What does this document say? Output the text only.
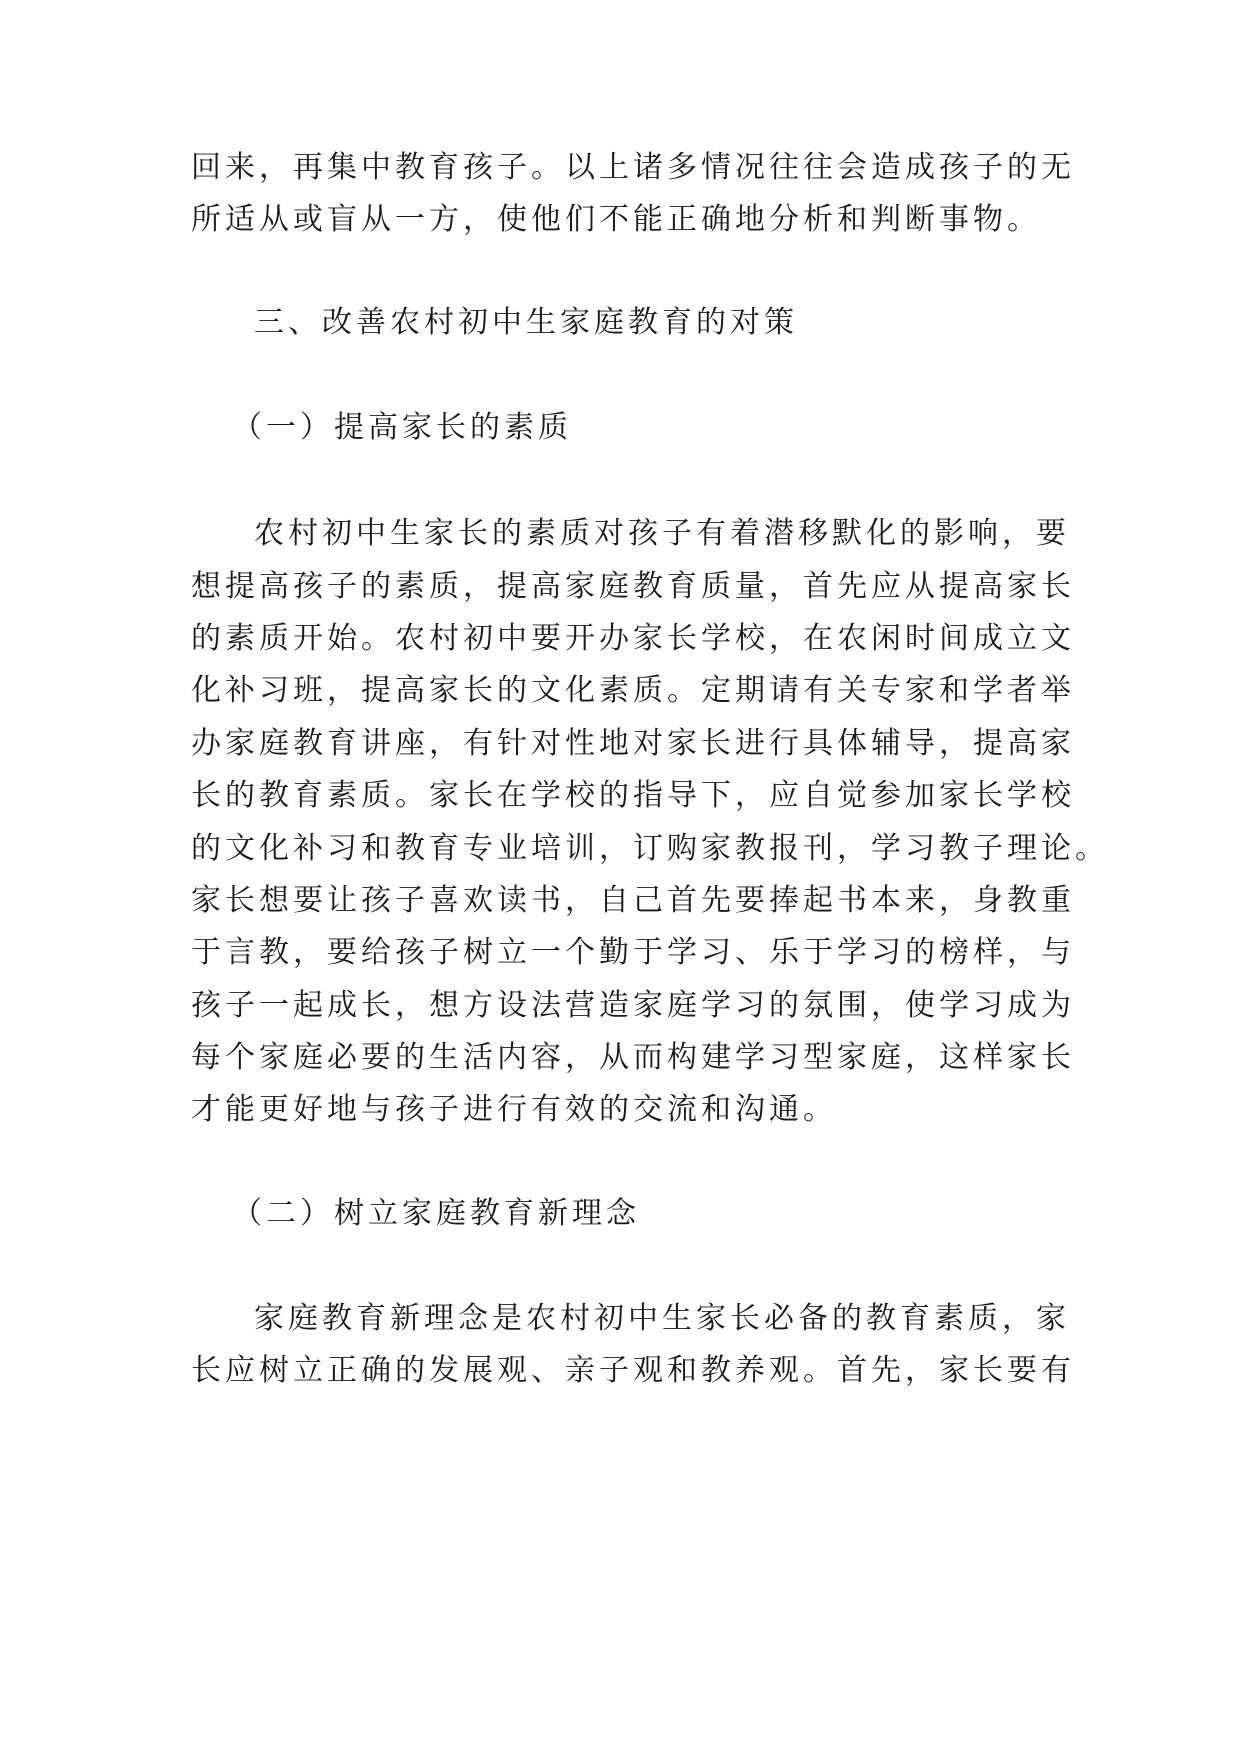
回来，再集中教育孩子。以上诸多情况往往会造成孩子的无
所适从或盲从一方，使他们不能正确地分析和判断事物。
三、改善农村初中生家庭教育的对策
（一）提高家长的素质
农村初中生家长的素质对孩子有着潜移默化的影响，要
想提高孩子的素质，提高家庭教育质量，首先应从提高家长
的素质开始。农村初中要开办家长学校，在农闲时间成立文
化补习班，提高家长的文化素质。定期请有关专家和学者举
办家庭教育讲座，有针对性地对家长进行具体辅导，提高家
长的教育素质。家长在学校的指导下，应自觉参加家长学校
的文化补习和教育专业培训，订购家教报刊，学习教子理论。
家长想要让孩子喜欢读书，自己首先要捧起书本来，身教重
于言教，要给孩子树立一个勤于学习、乐于学习的榜样，与
孩子一起成长，想方设法营造家庭学习的氛围，使学习成为
每个家庭必要的生活内容，从而构建学习型家庭，这样家长
才能更好地与孩子进行有效的交流和沟通。
（二）树立家庭教育新理念
家庭教育新理念是农村初中生家长必备的教育素质，家
长应树立正确的发展观、亲子观和教养观。首先，家长要有
